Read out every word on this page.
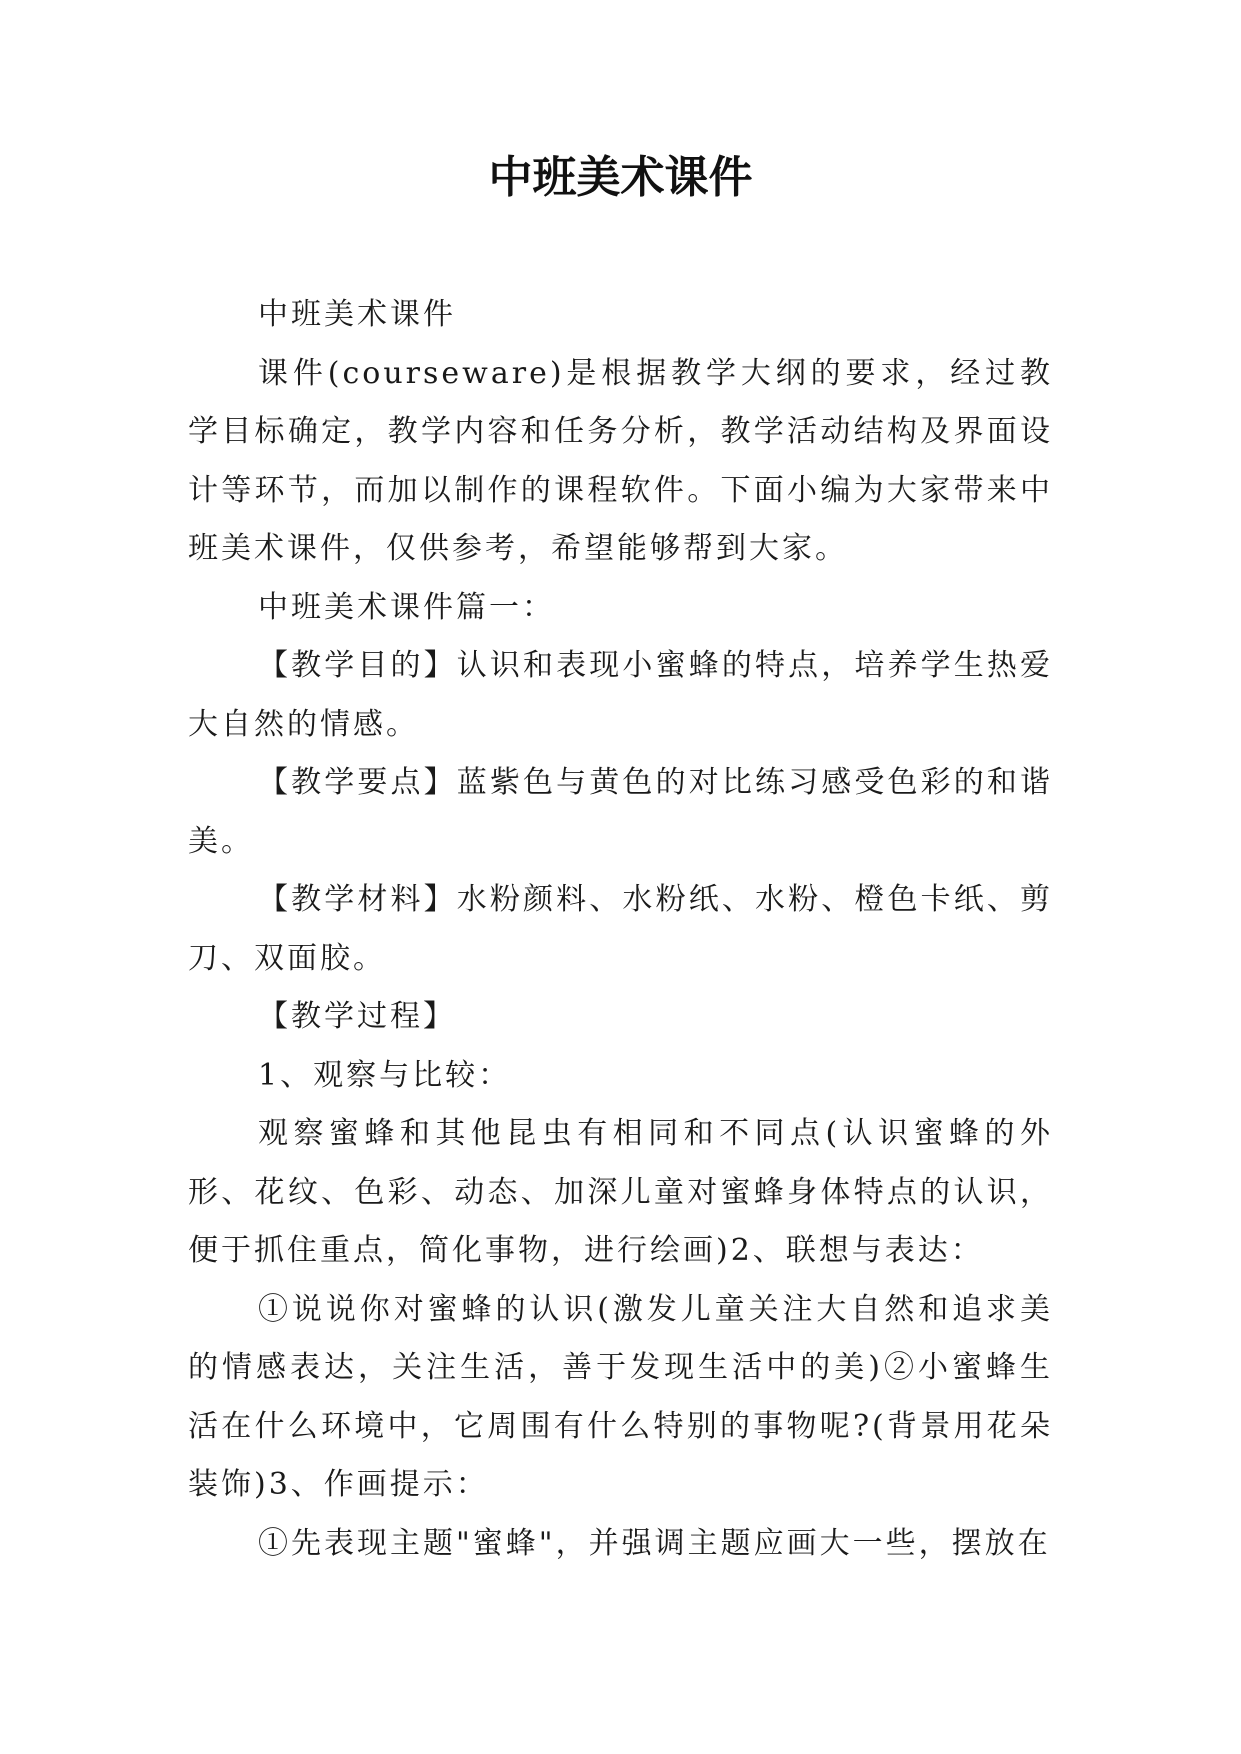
中班美术课件

中班美术课件

课件(courseware)是根据教学大纲的要求，经过教学目标确定，教学内容和任务分析，教学活动结构及界面设计等环节，而加以制作的课程软件。下面小编为大家带来中班美术课件，仅供参考，希望能够帮到大家。

中班美术课件篇一：

【教学目的】认识和表现小蜜蜂的特点，培养学生热爱大自然的情感。

【教学要点】蓝紫色与黄色的对比练习感受色彩的和谐美。

【教学材料】水粉颜料、水粉纸、水粉、橙色卡纸、剪刀、双面胶。

【教学过程】

1、观察与比较：

观察蜜蜂和其他昆虫有相同和不同点(认识蜜蜂的外形、花纹、色彩、动态、加深儿童对蜜蜂身体特点的认识，便于抓住重点，简化事物，进行绘画)2、联想与表达：

①说说你对蜜蜂的认识(激发儿童关注大自然和追求美的情感表达，关注生活，善于发现生活中的美)②小蜜蜂生活在什么环境中，它周围有什么特别的事物呢?(背景用花朵装饰)3、作画提示：

①先表现主题"蜜蜂"，并强调主题应画大一些，摆放在
